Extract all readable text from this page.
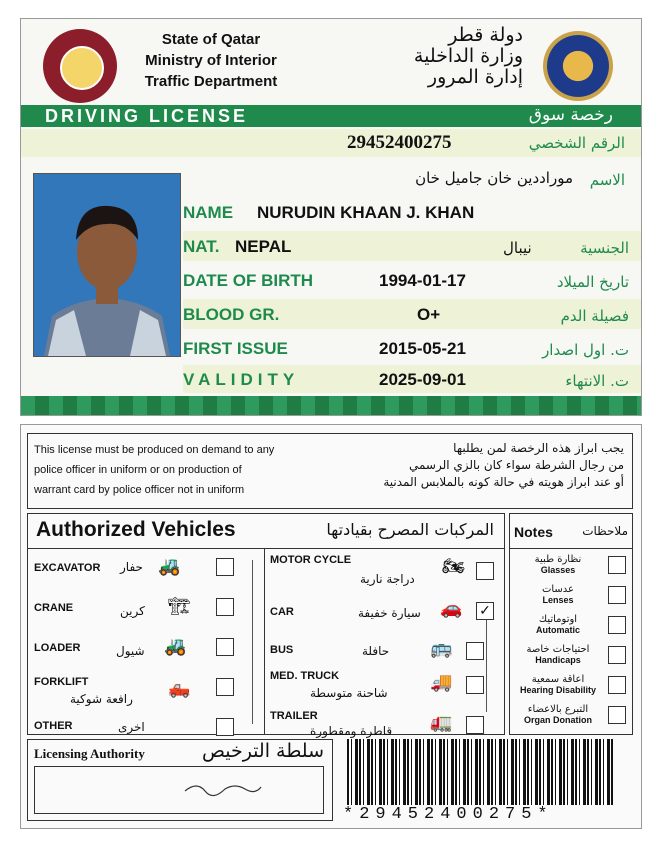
State of Qatar
Ministry of Interior
Traffic Department
دولة قطر
وزارة الداخلية
إدارة المرور
DRIVING LICENSE	رخصة سوق
29452400275	الرقم الشخصي
موراددين خان جاميل خان	الاسم
NAME NURUDIN KHAAN J. KHAN
NAT. NEPAL	نيبال	الجنسية
DATE OF BIRTH	1994-01-17	تاريخ الميلاد
BLOOD GR.	O+	فصيلة الدم
FIRST ISSUE	2015-05-21	ت. اول اصدار
VALIDITY	2025-09-01	ت. الانتهاء
This license must be produced on demand to any
police officer in uniform or on production of
warrant card by police officer not in uniform
يجب ابراز هذه الرخصة لمن يطلبها
من رجال الشرطة سواء كان بالزي الرسمي
أو عند ابراز هويته في حالة كونه بالملابس المدنية
Authorized Vehicles	المركبات المصرح بقيادتها
EXCAVATOR حفار 🚜
CRANE	كرين 🏗
LOADER	شيول 🚜
FORKLIFT
رافعة شوكية
🛻
OTHER	اخرى
MOTOR CYCLE
دراجة نارية
🏍
CAR	سيارة خفيفة 🚗 ✓
BUS	حافلة 🚌
MED. TRUCK
شاحنة متوسطة
🚚
TRAILER
قاطرة ومقطورة 🚛
Notes ملاحظات
نظارة طبية
Glasses
عدسات
Lenses
اوتوماتيك
Automatic
احتياجات خاصة
Handicaps
اعاقة سمعية
Hearing Disability
التبرع بالاعضاء
Organ Donation
Licensing Authority	سلطة الترخيص
*29452400275*
